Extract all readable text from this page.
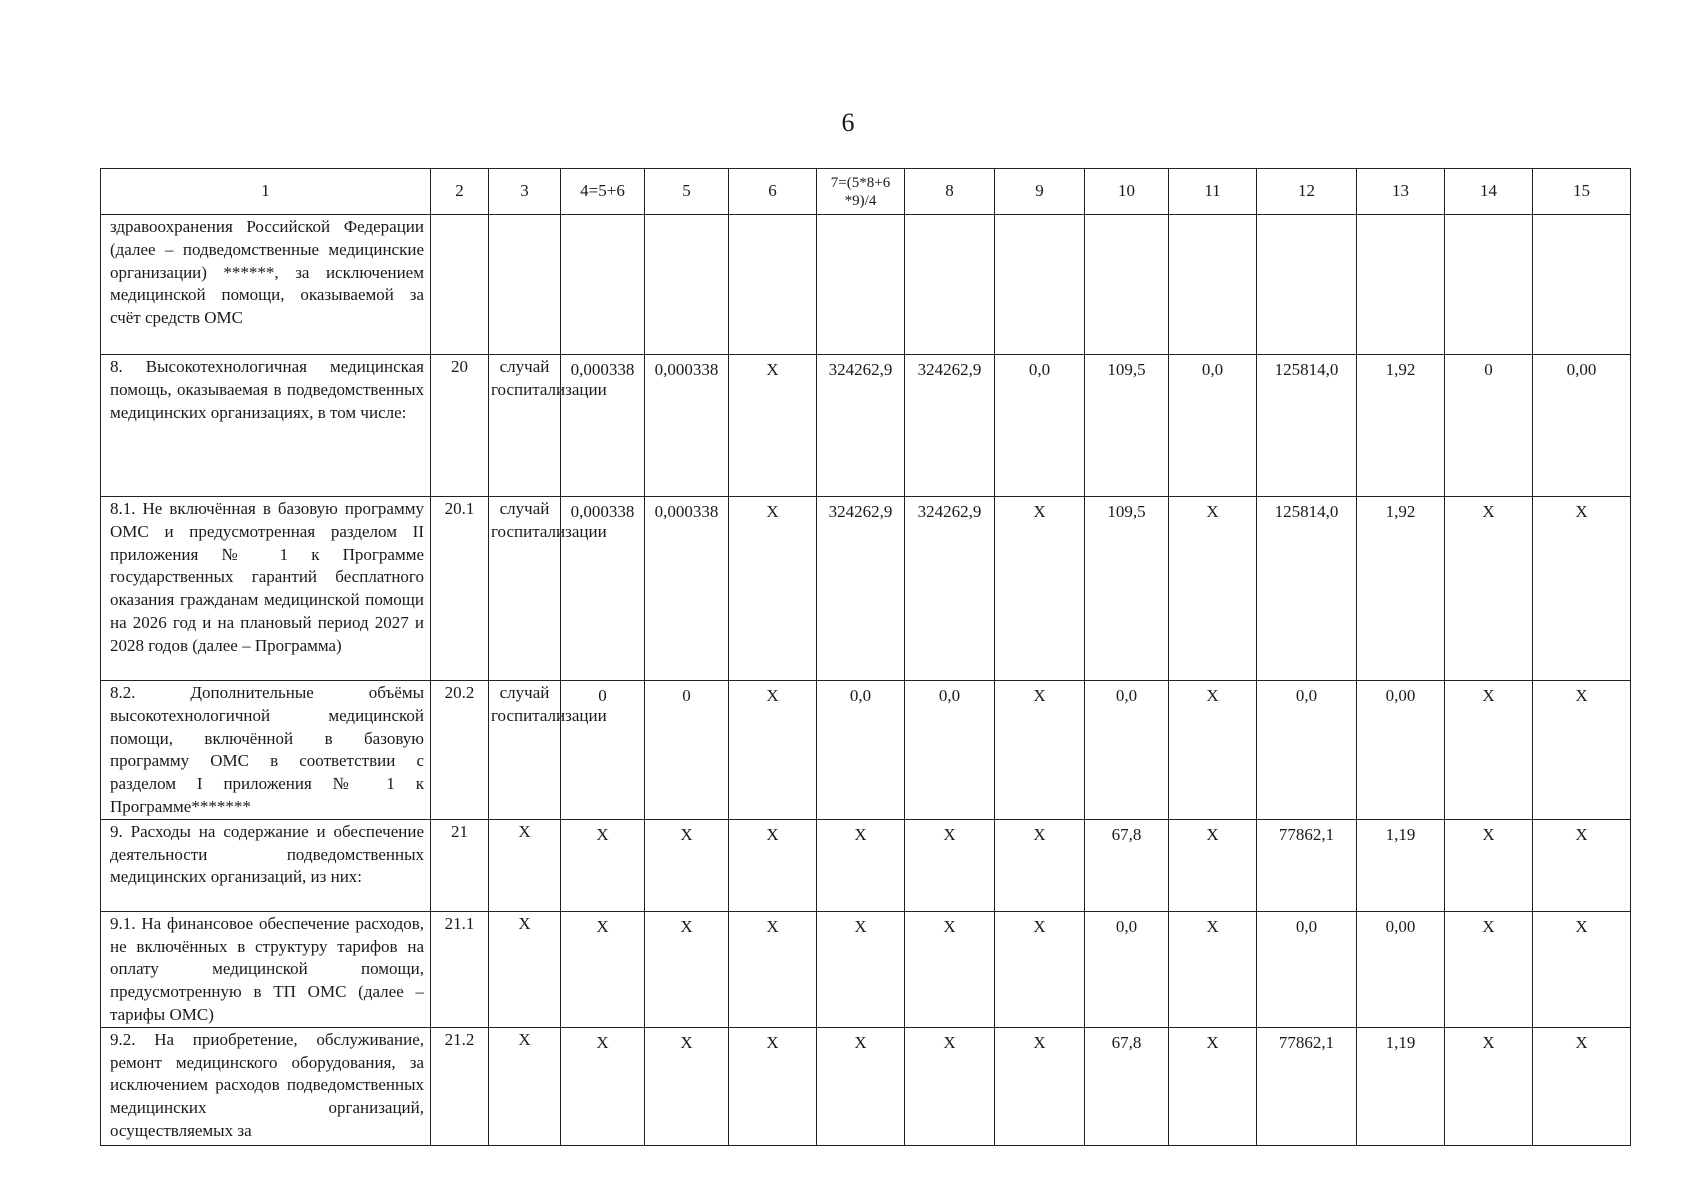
6
1	2	3	4=5+6	5	6	7=(5*8+6 *9)/4	8	9	10	11	12	13	14	15
здравоохранения Российской Федерации (далее – подведомственные медицинские организации) ******, за исключением медицинской помощи, оказываемой за счёт средств ОМС														
8. Высокотехнологичная медицинская помощь, оказываемая в подведомственных медицинских организациях, в том числе:	20	случай госпитализации	0,000338	0,000338	X	324262,9	324262,9	0,0	109,5	0,0	125814,0	1,92	0	0,00
8.1. Не включённая в базовую программу ОМС и предусмотренная разделом II приложения № 1 к Программе государственных гарантий бесплатного оказания гражданам медицинской помощи на 2026 год и на плановый период 2027 и 2028 годов (далее – Программа)	20.1	случай госпитализации	0,000338	0,000338	X	324262,9	324262,9	X	109,5	X	125814,0	1,92	X	X
8.2. Дополнительные объёмы высокотехнологичной медицинской помощи, включённой в базовую программу ОМС в соответствии с разделом I приложения № 1 к Программе*******	20.2	случай госпитализации	0	0	X	0,0	0,0	X	0,0	X	0,0	0,00	X	X
9. Расходы на содержание и обеспечение деятельности подведомственных медицинских организаций, из них:	21	X	X	X	X	X	X	X	67,8	X	77862,1	1,19	X	X
9.1. На финансовое обеспечение расходов, не включённых в структуру тарифов на оплату медицинской помощи, предусмотренную в ТП ОМС (далее – тарифы ОМС)	21.1	X	X	X	X	X	X	X	0,0	X	0,0	0,00	X	X
9.2. На приобретение, обслуживание, ремонт медицинского оборудования, за исключением расходов подведомственных медицинских организаций, осуществляемых за	21.2	X	X	X	X	X	X	X	67,8	X	77862,1	1,19	X	X
